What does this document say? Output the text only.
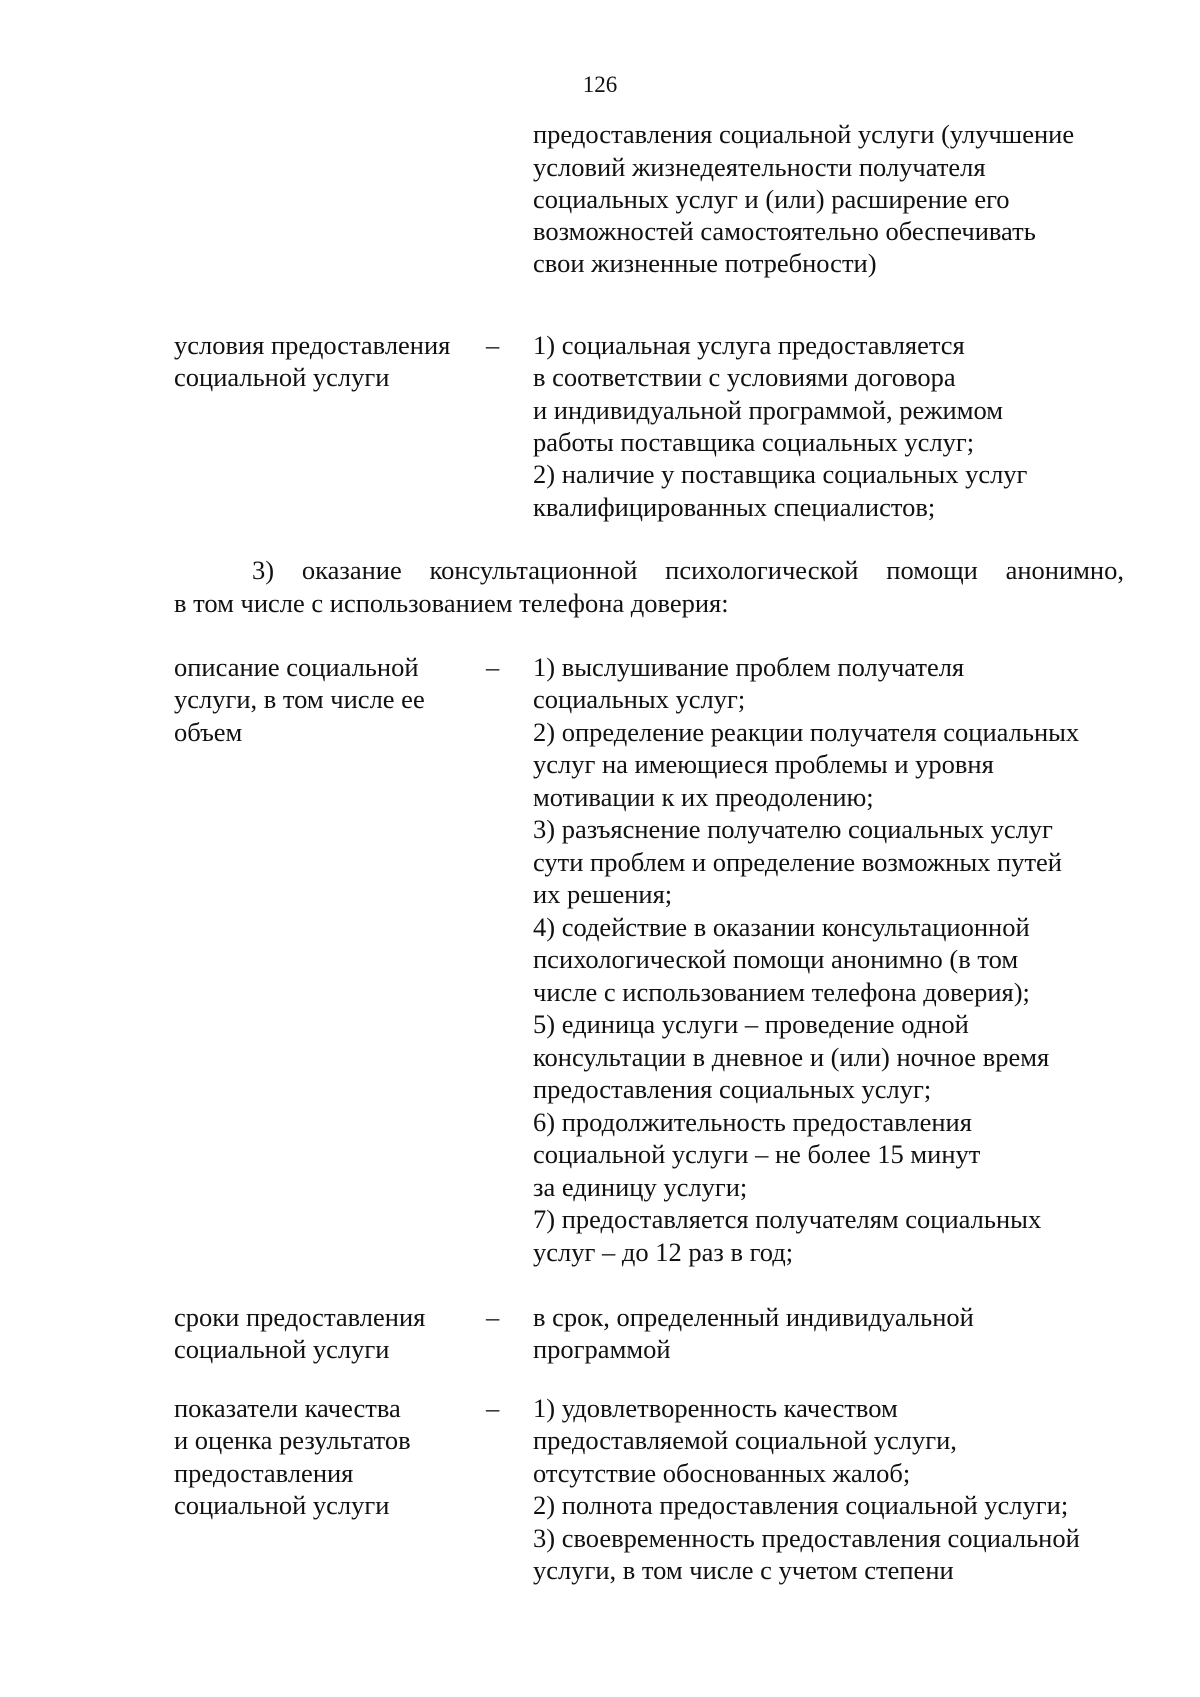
126
предоставления социальной услуги (улучшение
условий жизнедеятельности получателя
социальных услуг и (или) расширение его
возможностей самостоятельно обеспечивать
свои жизненные потребности)
условия предоставления
социальной услуги
– 1) социальная услуга предоставляется
в соответствии с условиями договора
и индивидуальной программой, режимом
работы поставщика социальных услуг;
2) наличие у поставщика социальных услуг
квалифицированных специалистов;
3) оказание консультационной психологической помощи анонимно,
в том числе с использованием телефона доверия:
описание социальной
услуги, в том числе ее
объем
– 1) выслушивание проблем получателя
социальных услуг;
2) определение реакции получателя социальных
услуг на имеющиеся проблемы и уровня
мотивации к их преодолению;
3) разъяснение получателю социальных услуг
сути проблем и определение возможных путей
их решения;
4) содействие в оказании консультационной
психологической помощи анонимно (в том
числе с использованием телефона доверия);
5) единица услуги – проведение одной
консультации в дневное и (или) ночное время
предоставления социальных услуг;
6) продолжительность предоставления
социальной услуги – не более 15 минут
за единицу услуги;
7) предоставляется получателям социальных
услуг – до 12 раз в год;
сроки предоставления
социальной услуги
– в срок, определенный индивидуальной
программой
показатели качества
и оценка результатов
предоставления
социальной услуги
– 1) удовлетворенность качеством
предоставляемой социальной услуги,
отсутствие обоснованных жалоб;
2) полнота предоставления социальной услуги;
3) своевременность предоставления социальной
услуги, в том числе с учетом степени
